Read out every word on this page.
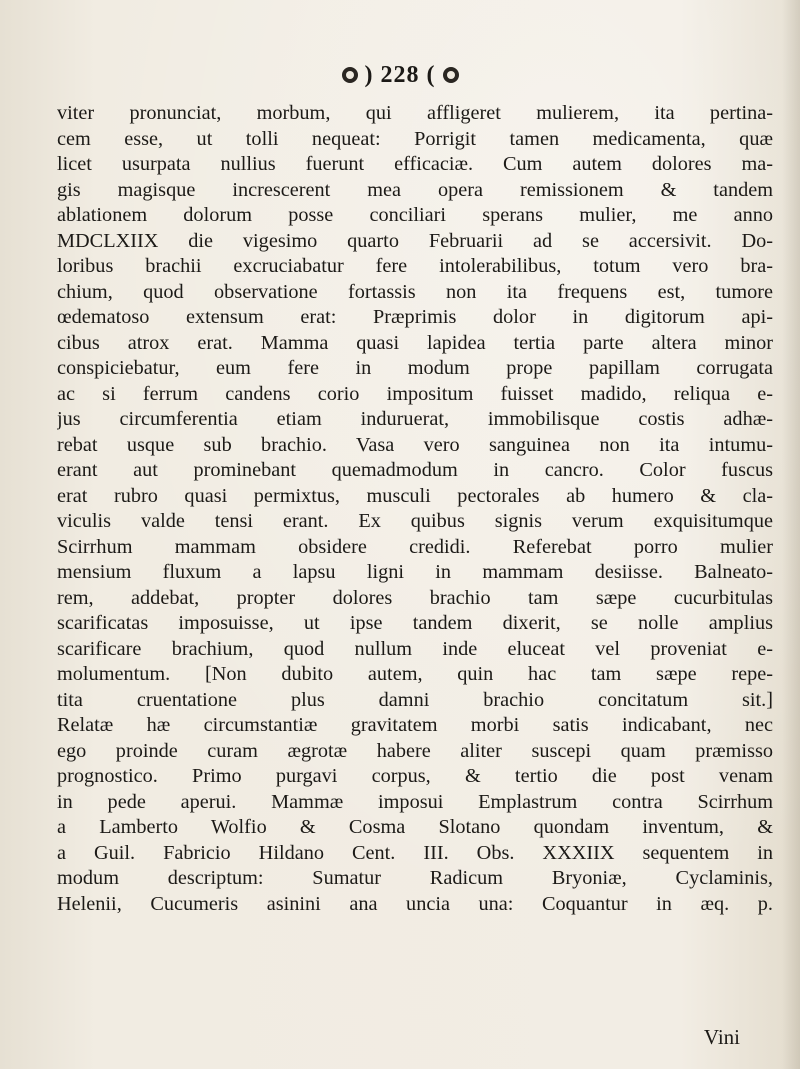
) 228 (
viter pronunciat, morbum, qui affligeret mulierem, ita pertina-
cem esse, ut tolli nequeat: Porrigit tamen medicamenta, quæ
licet usurpata nullius fuerunt efficaciæ. Cum autem dolores ma-
gis magisque increscerent mea opera remissionem & tandem
ablationem dolorum posse conciliari sperans mulier, me anno
MDCLXIIX die vigesimo quarto Februarii ad se accersivit. Do-
loribus brachii excruciabatur fere intolerabilibus, totum vero bra-
chium, quod observatione fortassis non ita frequens est, tumore
œdematoso extensum erat: Præprimis dolor in digitorum api-
cibus atrox erat. Mamma quasi lapidea tertia parte altera minor
conspiciebatur, eum fere in modum prope papillam corrugata
ac si ferrum candens corio impositum fuisset madido, reliqua e-
jus circumferentia etiam induruerat, immobilisque costis adhæ-
rebat usque sub brachio. Vasa vero sanguinea non ita intumu-
erant aut prominebant quemadmodum in cancro. Color fuscus
erat rubro quasi permixtus, musculi pectorales ab humero & cla-
viculis valde tensi erant. Ex quibus signis verum exquisitumque
Scirrhum mammam obsidere credidi. Referebat porro mulier
mensium fluxum a lapsu ligni in mammam desiisse. Balneato-
rem, addebat, propter dolores brachio tam sæpe cucurbitulas
scarificatas imposuisse, ut ipse tandem dixerit, se nolle amplius
scarificare brachium, quod nullum inde eluceat vel proveniat e-
molumentum. [Non dubito autem, quin hac tam sæpe repe-
tita cruentatione plus damni brachio concitatum sit.]
Relatæ hæ circumstantiæ gravitatem morbi satis indicabant, nec
ego proinde curam ægrotæ habere aliter suscepi quam præmisso
prognostico. Primo purgavi corpus, & tertio die post venam
in pede aperui. Mammæ imposui Emplastrum contra Scirrhum
a Lamberto Wolfio & Cosma Slotano quondam inventum, &
a Guil. Fabricio Hildano Cent. III. Obs. XXXIIX sequentem in
modum descriptum: Sumatur Radicum Bryoniæ, Cyclaminis,
Helenii, Cucumeris asinini ana uncia una: Coquantur in æq. p.
Vini
